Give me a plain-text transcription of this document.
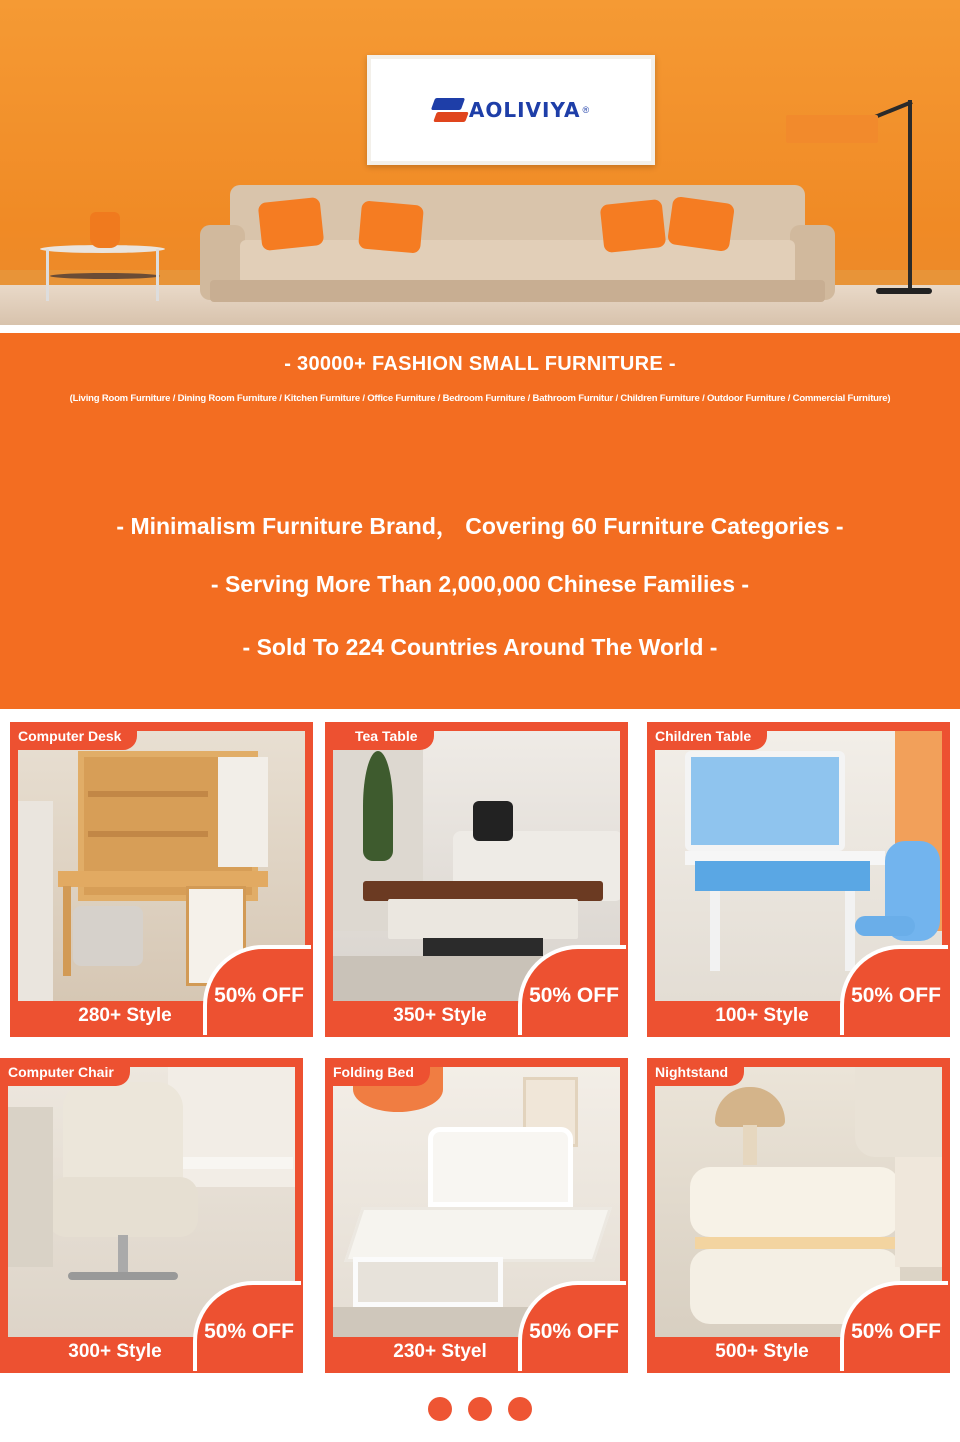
AOLIVIYA ®
- 30000+ FASHION SMALL FURNITURE -
(Living Room Furniture / Dining Room Furniture / Kitchen Furniture / Office Furniture / Bedroom Furniture / Bathroom Furnitur / Children Furniture / Outdoor Furniture / Commercial Furniture)
- Minimalism Furniture Brand， Covering 60 Furniture Categories -
- Serving More Than 2,000,000 Chinese Families -
- Sold To 224 Countries Around The World -
Computer Desk
280+ Style
50% OFF
Tea Table
350+ Style
50% OFF
Children Table
100+ Style
50% OFF
Computer Chair
300+ Style
50% OFF
Folding Bed
230+ Styel
50% OFF
Nightstand
500+ Style
50% OFF
